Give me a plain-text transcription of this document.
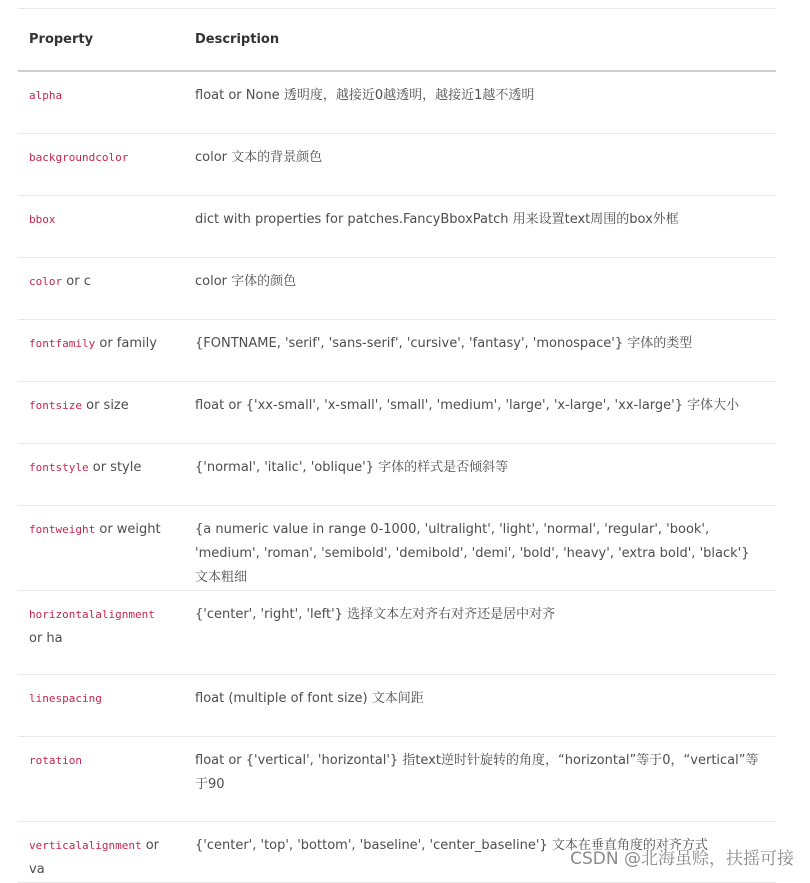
Property	Description

alpha	float or None 透明度，越接近0越透明，越接近1越不透明

backgroundcolor	color 文本的背景颜色

bbox	dict with properties for patches.FancyBboxPatch 用来设置text周围的box外框

color or c	color 字体的颜色

fontfamily or family	{FONTNAME, 'serif', 'sans-serif', 'cursive', 'fantasy', 'monospace'} 字体的类型

fontsize or size	float or {'xx-small', 'x-small', 'small', 'medium', 'large', 'x-large', 'xx-large'} 字体大小

fontstyle or style	{'normal', 'italic', 'oblique'} 字体的样式是否倾斜等

fontweight or weight	{a numeric value in range 0-1000, 'ultralight', 'light', 'normal', 'regular', 'book', 'medium', 'roman', 'semibold', 'demibold', 'demi', 'bold', 'heavy', 'extra bold', 'black'} 文本粗细

horizontalalignment or ha	{'center', 'right', 'left'} 选择文本左对齐右对齐还是居中对齐

linespacing	float (multiple of font size) 文本间距

rotation	float or {'vertical', 'horizontal'} 指text逆时针旋转的角度，“horizontal”等于0，“vertical”等于90

verticalalignment or va	{'center', 'top', 'bottom', 'baseline', 'center_baseline'} 文本在垂直角度的对齐方式
CSDN @北海虽赊，扶摇可接
